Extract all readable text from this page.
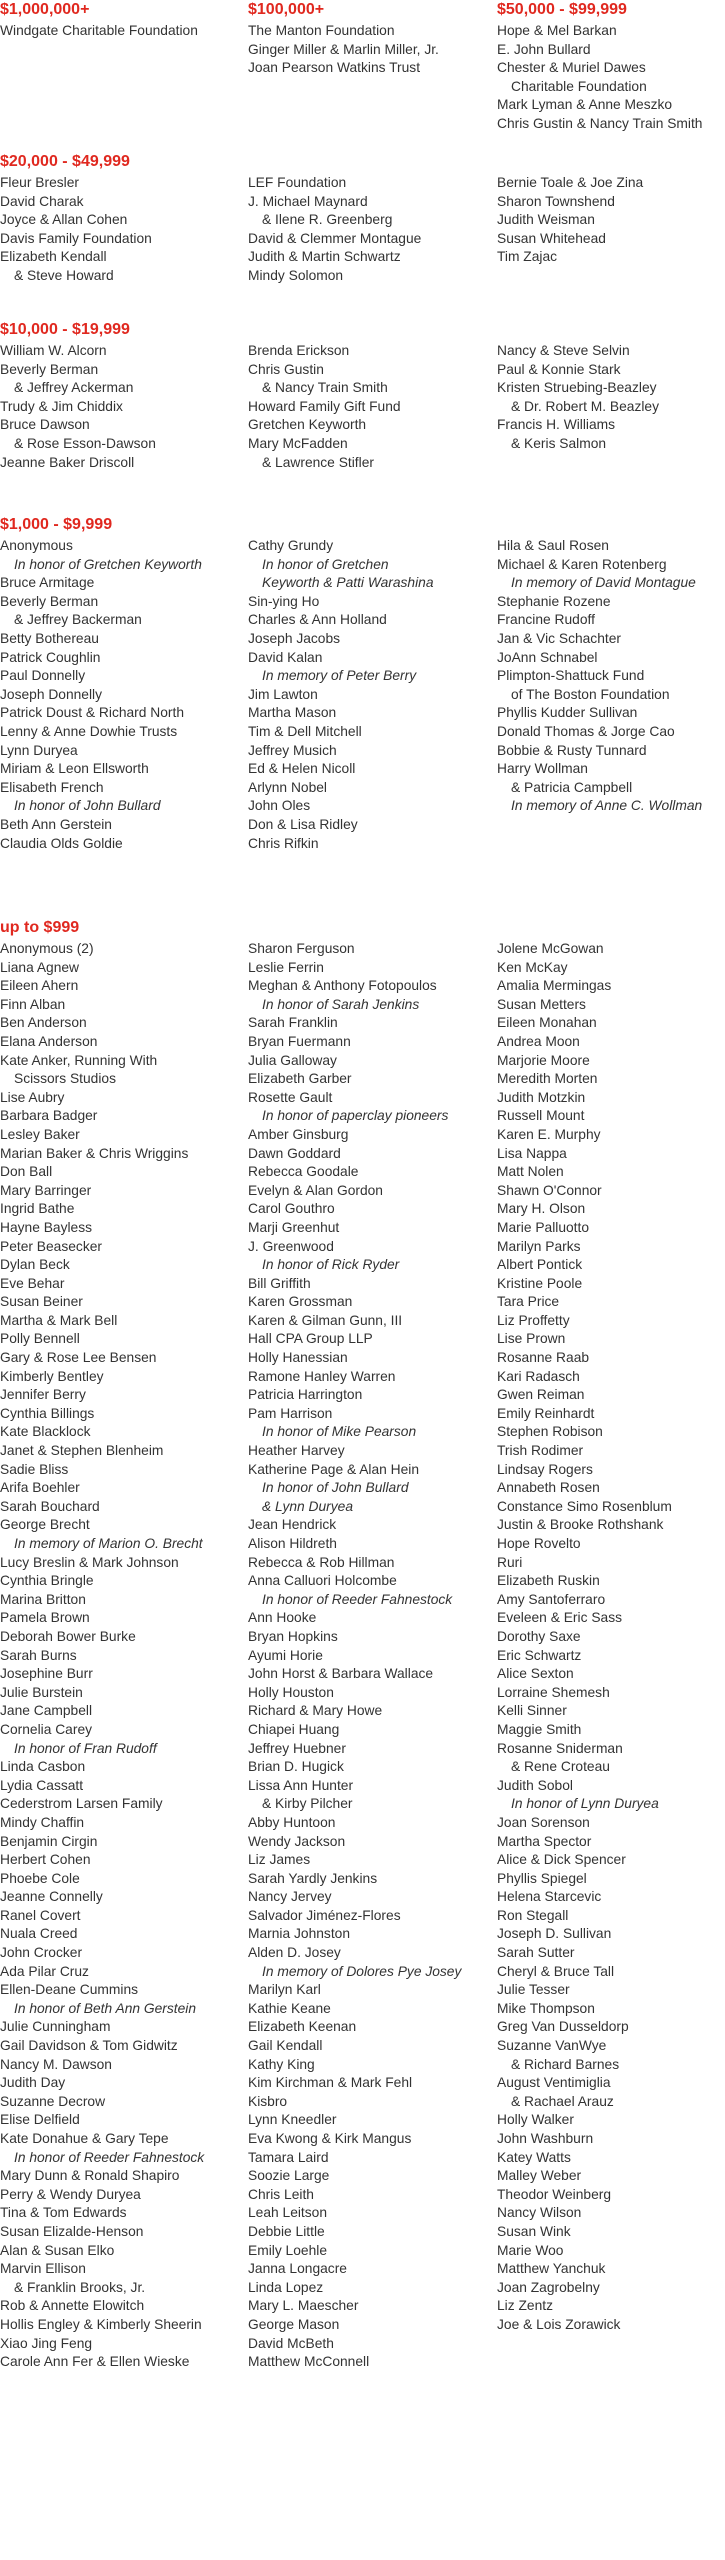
$1,000,000+
Windgate Charitable Foundation
$100,000+
The Manton Foundation
Ginger Miller & Marlin Miller, Jr.
Joan Pearson Watkins Trust
$50,000 - $99,999
Hope & Mel Barkan
E. John Bullard
Chester & Muriel Dawes
Charitable Foundation
Mark Lyman & Anne Meszko
Chris Gustin & Nancy Train Smith
$20,000 - $49,999
Fleur Bresler
David Charak
Joyce & Allan Cohen
Davis Family Foundation
Elizabeth Kendall
& Steve Howard
LEF Foundation
J. Michael Maynard
& Ilene R. Greenberg
David & Clemmer Montague
Judith & Martin Schwartz
Mindy Solomon
Bernie Toale & Joe Zina
Sharon Townshend
Judith Weisman
Susan Whitehead
Tim Zajac
$10,000 - $19,999
William W. Alcorn
Beverly Berman
& Jeffrey Ackerman
Trudy & Jim Chiddix
Bruce Dawson
& Rose Esson-Dawson
Jeanne Baker Driscoll
Brenda Erickson
Chris Gustin
& Nancy Train Smith
Howard Family Gift Fund
Gretchen Keyworth
Mary McFadden
& Lawrence Stifler
Nancy & Steve Selvin
Paul & Konnie Stark
Kristen Struebing-Beazley
& Dr. Robert M. Beazley
Francis H. Williams
& Keris Salmon
$1,000 - $9,999
Anonymous
In honor of Gretchen Keyworth
Bruce Armitage
Beverly Berman
& Jeffrey Backerman
Betty Bothereau
Patrick Coughlin
Paul Donnelly
Joseph Donnelly
Patrick Doust & Richard North
Lenny & Anne Dowhie Trusts
Lynn Duryea
Miriam & Leon Ellsworth
Elisabeth French
In honor of John Bullard
Beth Ann Gerstein
Claudia Olds Goldie
Cathy Grundy
In honor of Gretchen
Keyworth & Patti Warashina
Sin-ying Ho
Charles & Ann Holland
Joseph Jacobs
David Kalan
In memory of Peter Berry
Jim Lawton
Martha Mason
Tim & Dell Mitchell
Jeffrey Musich
Ed & Helen Nicoll
Arlynn Nobel
John Oles
Don & Lisa Ridley
Chris Rifkin
Hila & Saul Rosen
Michael & Karen Rotenberg
In memory of David Montague
Stephanie Rozene
Francine Rudoff
Jan & Vic Schachter
JoAnn Schnabel
Plimpton-Shattuck Fund
of The Boston Foundation
Phyllis Kudder Sullivan
Donald Thomas & Jorge Cao
Bobbie & Rusty Tunnard
Harry Wollman
& Patricia Campbell
In memory of Anne C. Wollman
up to $999
Anonymous (2)
Liana Agnew
Eileen Ahern
Finn Alban
Ben Anderson
Elana Anderson
Kate Anker, Running With
Scissors Studios
Lise Aubry
Barbara Badger
Lesley Baker
Marian Baker & Chris Wriggins
Don Ball
Mary Barringer
Ingrid Bathe
Hayne Bayless
Peter Beasecker
Dylan Beck
Eve Behar
Susan Beiner
Martha & Mark Bell
Polly Bennell
Gary & Rose Lee Bensen
Kimberly Bentley
Jennifer Berry
Cynthia Billings
Kate Blacklock
Janet & Stephen Blenheim
Sadie Bliss
Arifa Boehler
Sarah Bouchard
George Brecht
In memory of Marion O. Brecht
Lucy Breslin & Mark Johnson
Cynthia Bringle
Marina Britton
Pamela Brown
Deborah Bower Burke
Sarah Burns
Josephine Burr
Julie Burstein
Jane Campbell
Cornelia Carey
In honor of Fran Rudoff
Linda Casbon
Lydia Cassatt
Cederstrom Larsen Family
Mindy Chaffin
Benjamin Cirgin
Herbert Cohen
Phoebe Cole
Jeanne Connelly
Ranel Covert
Nuala Creed
John Crocker
Ada Pilar Cruz
Ellen-Deane Cummins
In honor of Beth Ann Gerstein
Julie Cunningham
Gail Davidson & Tom Gidwitz
Nancy M. Dawson
Judith Day
Suzanne Decrow
Elise Delfield
Kate Donahue & Gary Tepe
In honor of Reeder Fahnestock
Mary Dunn & Ronald Shapiro
Perry & Wendy Duryea
Tina & Tom Edwards
Susan Elizalde-Henson
Alan & Susan Elko
Marvin Ellison
& Franklin Brooks, Jr.
Rob & Annette Elowitch
Hollis Engley & Kimberly Sheerin
Xiao Jing Feng
Carole Ann Fer & Ellen Wieske
Sharon Ferguson
Leslie Ferrin
Meghan & Anthony Fotopoulos
In honor of Sarah Jenkins
Sarah Franklin
Bryan Fuermann
Julia Galloway
Elizabeth Garber
Rosette Gault
In honor of paperclay pioneers
Amber Ginsburg
Dawn Goddard
Rebecca Goodale
Evelyn & Alan Gordon
Carol Gouthro
Marji Greenhut
J. Greenwood
In honor of Rick Ryder
Bill Griffith
Karen Grossman
Karen & Gilman Gunn, III
Hall CPA Group LLP
Holly Hanessian
Ramone Hanley Warren
Patricia Harrington
Pam Harrison
In honor of Mike Pearson
Heather Harvey
Katherine Page & Alan Hein
In honor of John Bullard
& Lynn Duryea
Jean Hendrick
Alison Hildreth
Rebecca & Rob Hillman
Anna Calluori Holcombe
In honor of Reeder Fahnestock
Ann Hooke
Bryan Hopkins
Ayumi Horie
John Horst & Barbara Wallace
Holly Houston
Richard & Mary Howe
Chiapei Huang
Jeffrey Huebner
Brian D. Hugick
Lissa Ann Hunter
& Kirby Pilcher
Abby Huntoon
Wendy Jackson
Liz James
Sarah Yardly Jenkins
Nancy Jervey
Salvador Jiménez-Flores
Marnia Johnston
Alden D. Josey
In memory of Dolores Pye Josey
Marilyn Karl
Kathie Keane
Elizabeth Keenan
Gail Kendall
Kathy King
Kim Kirchman & Mark Fehl
Kisbro
Lynn Kneedler
Eva Kwong & Kirk Mangus
Tamara Laird
Soozie Large
Chris Leith
Leah Leitson
Debbie Little
Emily Loehle
Janna Longacre
Linda Lopez
Mary L. Maescher
George Mason
David McBeth
Matthew McConnell
Jolene McGowan
Ken McKay
Amalia Mermingas
Susan Metters
Eileen Monahan
Andrea Moon
Marjorie Moore
Meredith Morten
Judith Motzkin
Russell Mount
Karen E. Murphy
Lisa Nappa
Matt Nolen
Shawn O'Connor
Mary H. Olson
Marie Palluotto
Marilyn Parks
Albert Pontick
Kristine Poole
Tara Price
Liz Proffetty
Lise Prown
Rosanne Raab
Kari Radasch
Gwen Reiman
Emily Reinhardt
Stephen Robison
Trish Rodimer
Lindsay Rogers
Annabeth Rosen
Constance Simo Rosenblum
Justin & Brooke Rothshank
Hope Rovelto
Ruri
Elizabeth Ruskin
Amy Santoferraro
Eveleen & Eric Sass
Dorothy Saxe
Eric Schwartz
Alice Sexton
Lorraine Shemesh
Kelli Sinner
Maggie Smith
Rosanne Sniderman
& Rene Croteau
Judith Sobol
In honor of Lynn Duryea
Joan Sorenson
Martha Spector
Alice & Dick Spencer
Phyllis Spiegel
Helena Starcevic
Ron Stegall
Joseph D. Sullivan
Sarah Sutter
Cheryl & Bruce Tall
Julie Tesser
Mike Thompson
Greg Van Dusseldorp
Suzanne VanWye
& Richard Barnes
August Ventimiglia
& Rachael Arauz
Holly Walker
John Washburn
Katey Watts
Malley Weber
Theodor Weinberg
Nancy Wilson
Susan Wink
Marie Woo
Matthew Yanchuk
Joan Zagrobelny
Liz Zentz
Joe & Lois Zorawick
